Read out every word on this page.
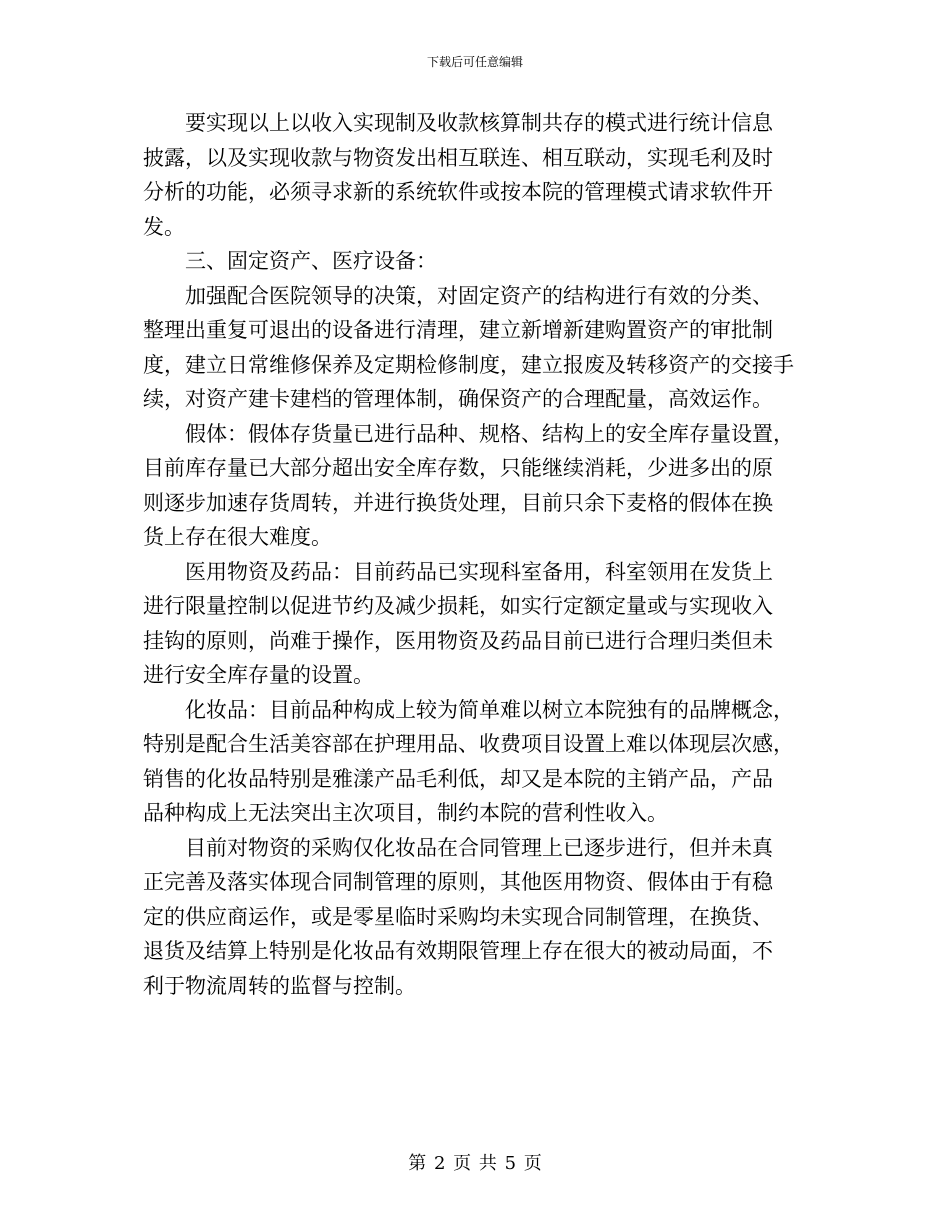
下载后可任意编辑
　　要实现以上以收入实现制及收款核算制共存的模式进行统计信息
披露，以及实现收款与物资发出相互联连、相互联动，实现毛利及时
分析的功能，必须寻求新的系统软件或按本院的管理模式请求软件开
发。
　　三、固定资产、医疗设备：
　　加强配合医院领导的决策，对固定资产的结构进行有效的分类、
整理出重复可退出的设备进行清理，建立新增新建购置资产的审批制
度，建立日常维修保养及定期检修制度，建立报废及转移资产的交接手
续，对资产建卡建档的管理体制，确保资产的合理配量，高效运作。
　　假体：假体存货量已进行品种、规格、结构上的安全库存量设置，
目前库存量已大部分超出安全库存数，只能继续消耗，少进多出的原
则逐步加速存货周转，并进行换货处理，目前只余下麦格的假体在换
货上存在很大难度。
　　医用物资及药品：目前药品已实现科室备用，科室领用在发货上
进行限量控制以促进节约及减少损耗，如实行定额定量或与实现收入
挂钩的原则，尚难于操作，医用物资及药品目前已进行合理归类但未
进行安全库存量的设置。
　　化妆品：目前品种构成上较为简单难以树立本院独有的品牌概念，
特别是配合生活美容部在护理用品、收费项目设置上难以体现层次感，
销售的化妆品特别是雅漾产品毛利低，却又是本院的主销产品，产品
品种构成上无法突出主次项目，制约本院的营利性收入。
　　目前对物资的采购仅化妆品在合同管理上已逐步进行，但并未真
正完善及落实体现合同制管理的原则，其他医用物资、假体由于有稳
定的供应商运作，或是零星临时采购均未实现合同制管理，在换货、
退货及结算上特别是化妆品有效期限管理上存在很大的被动局面，不
利于物流周转的监督与控制。
第 2 页 共 5 页
